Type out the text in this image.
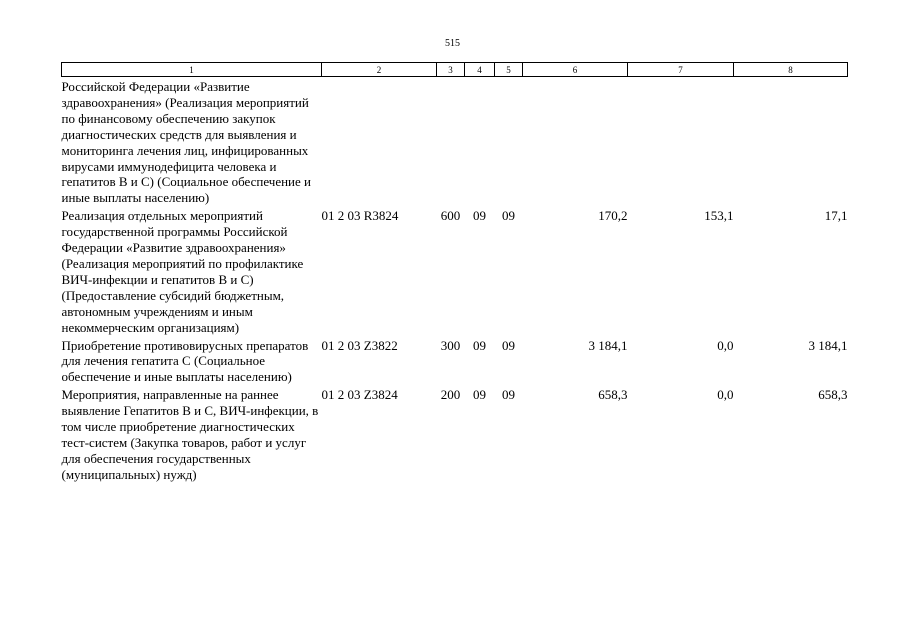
515
1	2	3	4	5	6	7	8
Российской Федерации «Развитие здравоохранения» (Реализация мероприятий по финансовому обеспечению закупок диагностических средств для выявления и мониторинга лечения лиц, инфицированных вирусами иммунодефицита человека и гепатитов B и C) (Социальное обеспечение и иные выплаты населению)							
Реализация отдельных мероприятий государственной программы Российской Федерации «Развитие здравоохранения» (Реализация мероприятий по профилактике ВИЧ-инфекции и гепатитов B и C) (Предоставление субсидий бюджетным, автономным учреждениям и иным некоммерческим организациям)	01 2 03 R3824	600	09	09	170,2	153,1	17,1
Приобретение противовирусных препаратов для лечения гепатита С (Социальное обеспечение и иные выплаты населению)	01 2 03 Z3822	300	09	09	3 184,1	0,0	3 184,1
Мероприятия, направленные на раннее выявление Гепатитов В и С, ВИЧ-инфекции, в том числе приобретение диагностических тест-систем (Закупка товаров, работ и услуг для обеспечения государственных (муниципальных) нужд)	01 2 03 Z3824	200	09	09	658,3	0,0	658,3
